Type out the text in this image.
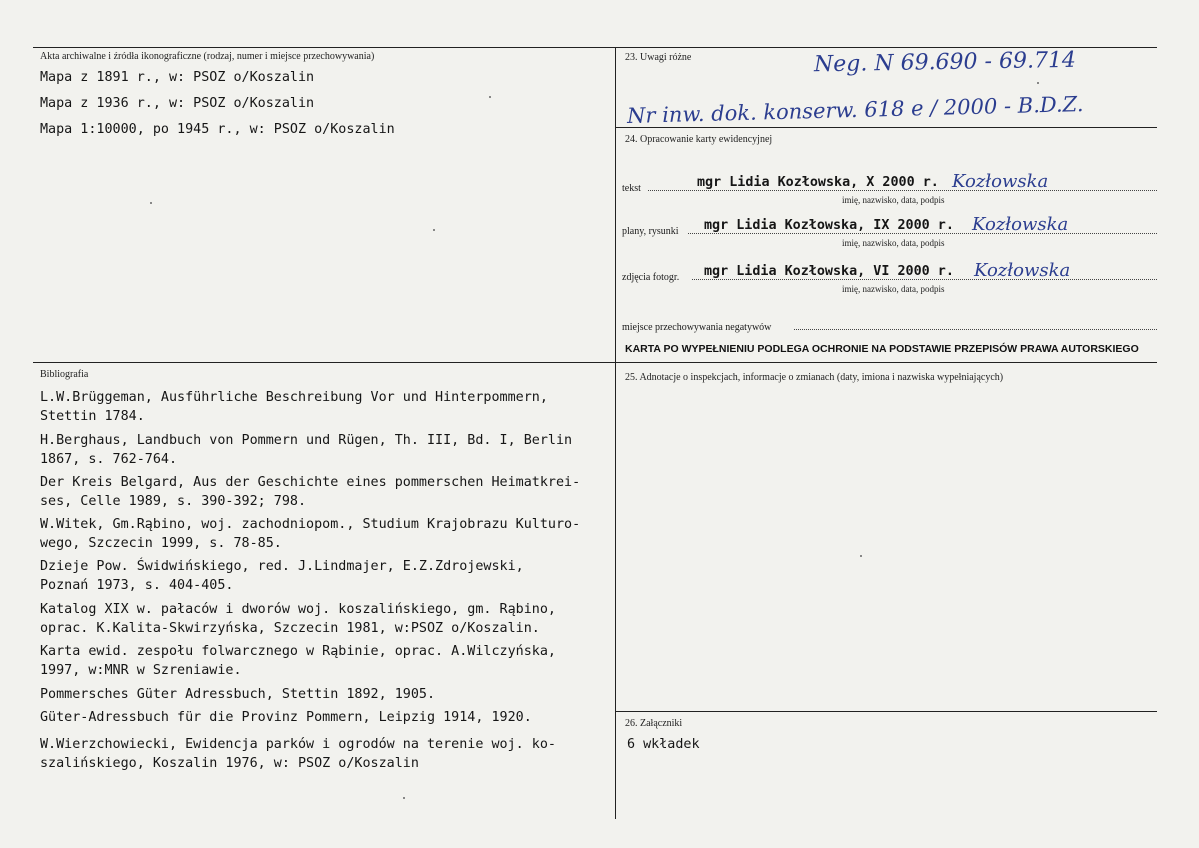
Akta archiwalne i źródła ikonograficzne (rodzaj, numer i miejsce przechowywania)
Mapa z 1891 r., w: PSOZ o/Koszalin
Mapa z 1936 r., w: PSOZ o/Koszalin
Mapa 1:10000, po 1945 r., w: PSOZ o/Koszalin
Bibliografia
L.W.Brüggeman, Ausführliche Beschreibung Vor und Hinterpommern,
Stettin 1784.
H.Berghaus, Landbuch von Pommern und Rügen, Th. III, Bd. I, Berlin
1867, s. 762-764.
Der Kreis Belgard, Aus der Geschichte eines pommerschen Heimatkrei-
ses, Celle 1989, s. 390-392; 798.
W.Witek, Gm.Rąbino, woj. zachodniopom., Studium Krajobrazu Kulturo-
wego, Szczecin 1999, s. 78-85.
Dzieje Pow. Świdwińskiego, red. J.Lindmajer, E.Z.Zdrojewski,
Poznań 1973, s. 404-405.
Katalog XIX w. pałaców i dworów woj. koszalińskiego, gm. Rąbino,
oprac. K.Kalita-Skwirzyńska, Szczecin 1981, w:PSOZ o/Koszalin.
Karta ewid. zespołu folwarcznego w Rąbinie, oprac. A.Wilczyńska,
1997, w:MNR w Szreniawie.
Pommersches Güter Adressbuch, Stettin 1892, 1905.
Güter-Adressbuch für die Provinz Pommern, Leipzig 1914, 1920.
W.Wierzchowiecki, Ewidencja parków i ogrodów na terenie woj. ko-
szalińskiego, Koszalin 1976, w: PSOZ o/Koszalin
23. Uwagi różne	Neg. N 69.690 - 69.714
Nr inw. dok. konserw. 618 e / 2000 - B.D.Z.
24. Opracowanie karty ewidencyjnej
tekst	mgr Lidia Kozłowska, X 2000 r. Kozłowska
imię, nazwisko, data, podpis
plany, rysunki mgr Lidia Kozłowska, IX 2000 r. Kozłowska
imię, nazwisko, data, podpis
zdjęcia fotogr. mgr Lidia Kozłowska, VI 2000 r. Kozłowska
imię, nazwisko, data, podpis
miejsce przechowywania negatywów
KARTA PO WYPEŁNIENIU PODLEGA OCHRONIE NA PODSTAWIE PRZEPISÓW PRAWA AUTORSKIEGO
25. Adnotacje o inspekcjach, informacje o zmianach (daty, imiona i nazwiska wypełniających)
26. Załączniki
6 wkładek
